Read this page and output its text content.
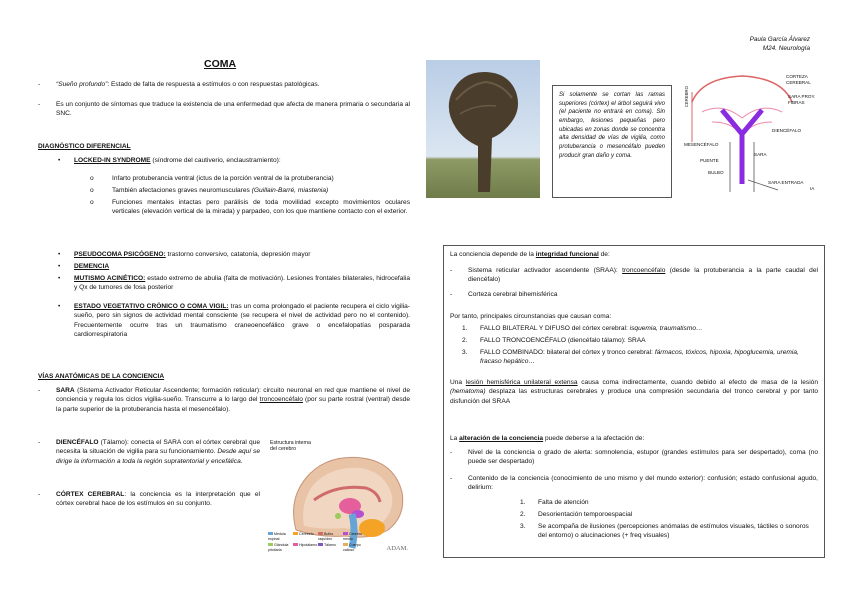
Paula García Álvarez
M24. Neurología
COMA
- “Sueño profundo”: Estado de falta de respuesta a estímulos o con respuestas patológicas.
- Es un conjunto de síntomas que traduce la existencia de una enfermedad que afecta de manera primaria o secundaria al SNC.
DIAGNÓSTICO DIFERENCIAL
• LOCKED-IN SYNDROME (síndrome del cautiverio, enclaustramiento):
o	Infarto protuberancia ventral (ictus de la porción ventral de la protuberancia)
o	También afectaciones graves neuromusculares (Guillain-Barré, miastenia)
o	Funciones mentales intactas pero parálisis de toda movilidad excepto movimientos oculares verticales (elevación vertical de la mirada) y parpadeo, con los que mantiene contacto con el exterior.
• PSEUDOCOMA PSICÓGENO: trastorno conversivo, catatonía, depresión mayor
• DEMENCIA
• MUTISMO ACINÉTICO: estado extremo de abulia (falta de motivación). Lesiones frontales bilaterales, hidrocefalia y Qx de tumores de fosa posterior
• ESTADO VEGETATIVO CRÓNICO O COMA VIGIL: tras un coma prolongado el paciente recupera el ciclo vigilia-sueño, pero sin signos de actividad mental consciente (se recupera el nivel de actividad pero no el contenido). Frecuentemente ocurre tras un traumatismo craneoencefálico grave o encefalopatías posparada cardiorrespiratoria
VÍAS ANATÓMICAS DE LA CONCIENCIA
- SARA (Sistema Activador Reticular Ascendente; formación reticular): circuito neuronal en red que mantiene el nivel de conciencia y regula los ciclos vigilia-sueño. Transcurre a lo largo del troncoencéfalo (por su parte rostral (ventral) desde la parte superior de la protuberancia hasta el mesencéfalo).
- DIENCÉFALO (Tálamo): conecta el SARA con el córtex cerebral que necesita la situación de vigilia para su funcionamiento. Desde aquí se dirige la información a toda la región supratentorial y encefálica.
- CÓRTEX CEREBRAL: la conciencia es la interpretación que el córtex cerebral hace de los estímulos en su conjunto.
Estructura interna del cerebro
Médula espinal
Cerebelo	Bulbo raquídeo
Cerebro medio
Glándula pituitaria
Hipotálamo	Tálamo	Cuerpo calloso	ADAM.
Si solamente se cortan las ramas superiores (córtex) el árbol seguirá vivo (el paciente no entrará en coma). Sin embargo, lesiones pequeñas pero ubicadas en zonas donde se concentra alta densidad de vías de vigilia, como protuberancia o mesencéfalo pueden producir gran daño y coma.
CORTEZA CEREBRAL
CEREBRO	SARA PROY. FIBRAS
MESENCÉFALO
DIENCÉFALO
SARA
PUENTE
BULBO
SARA ENTRADA
IA
La conciencia depende de la integridad funcional de:
- Sistema reticular activador ascendente (SRAA): troncoencéfalo (desde la protuberancia a la parte caudal del diencéfalo)
- Corteza cerebral bihemisférica
Por tanto, principales circunstancias que causan coma:
1. FALLO BILATERAL Y DIFUSO del córtex cerebral: isquemia, traumatismo…
2. FALLO TRONCOENCÉFALO (diencéfalo tálamo): SRAA
3. FALLO COMBINADO: bilateral del córtex y tronco cerebral: fármacos, tóxicos, hipoxia, hipoglucemia, uremia, fracaso hepático…
Una lesión hemisférica unilateral extensa causa coma indirectamente, cuando debido al efecto de masa de la lesión (hematoma) desplaza las estructuras cerebrales y produce una compresión secundaria del tronco cerebral y por tanto disfunción del SRAA
La alteración de la conciencia puede deberse a la afectación de:
- Nivel de la conciencia o grado de alerta: somnolencia, estupor (grandes estímulos para ser despertado), coma (no puede ser despertado)
- Contenido de la conciencia (conocimiento de uno mismo y del mundo exterior): confusión; estado confusional agudo, delirium:
1. Falta de atención
2. Desorientación temporoespacial
3. Se acompaña de ilusiones (percepciones anómalas de estímulos visuales, táctiles o sonoros del entorno) o alucinaciones (+ freq visuales)
